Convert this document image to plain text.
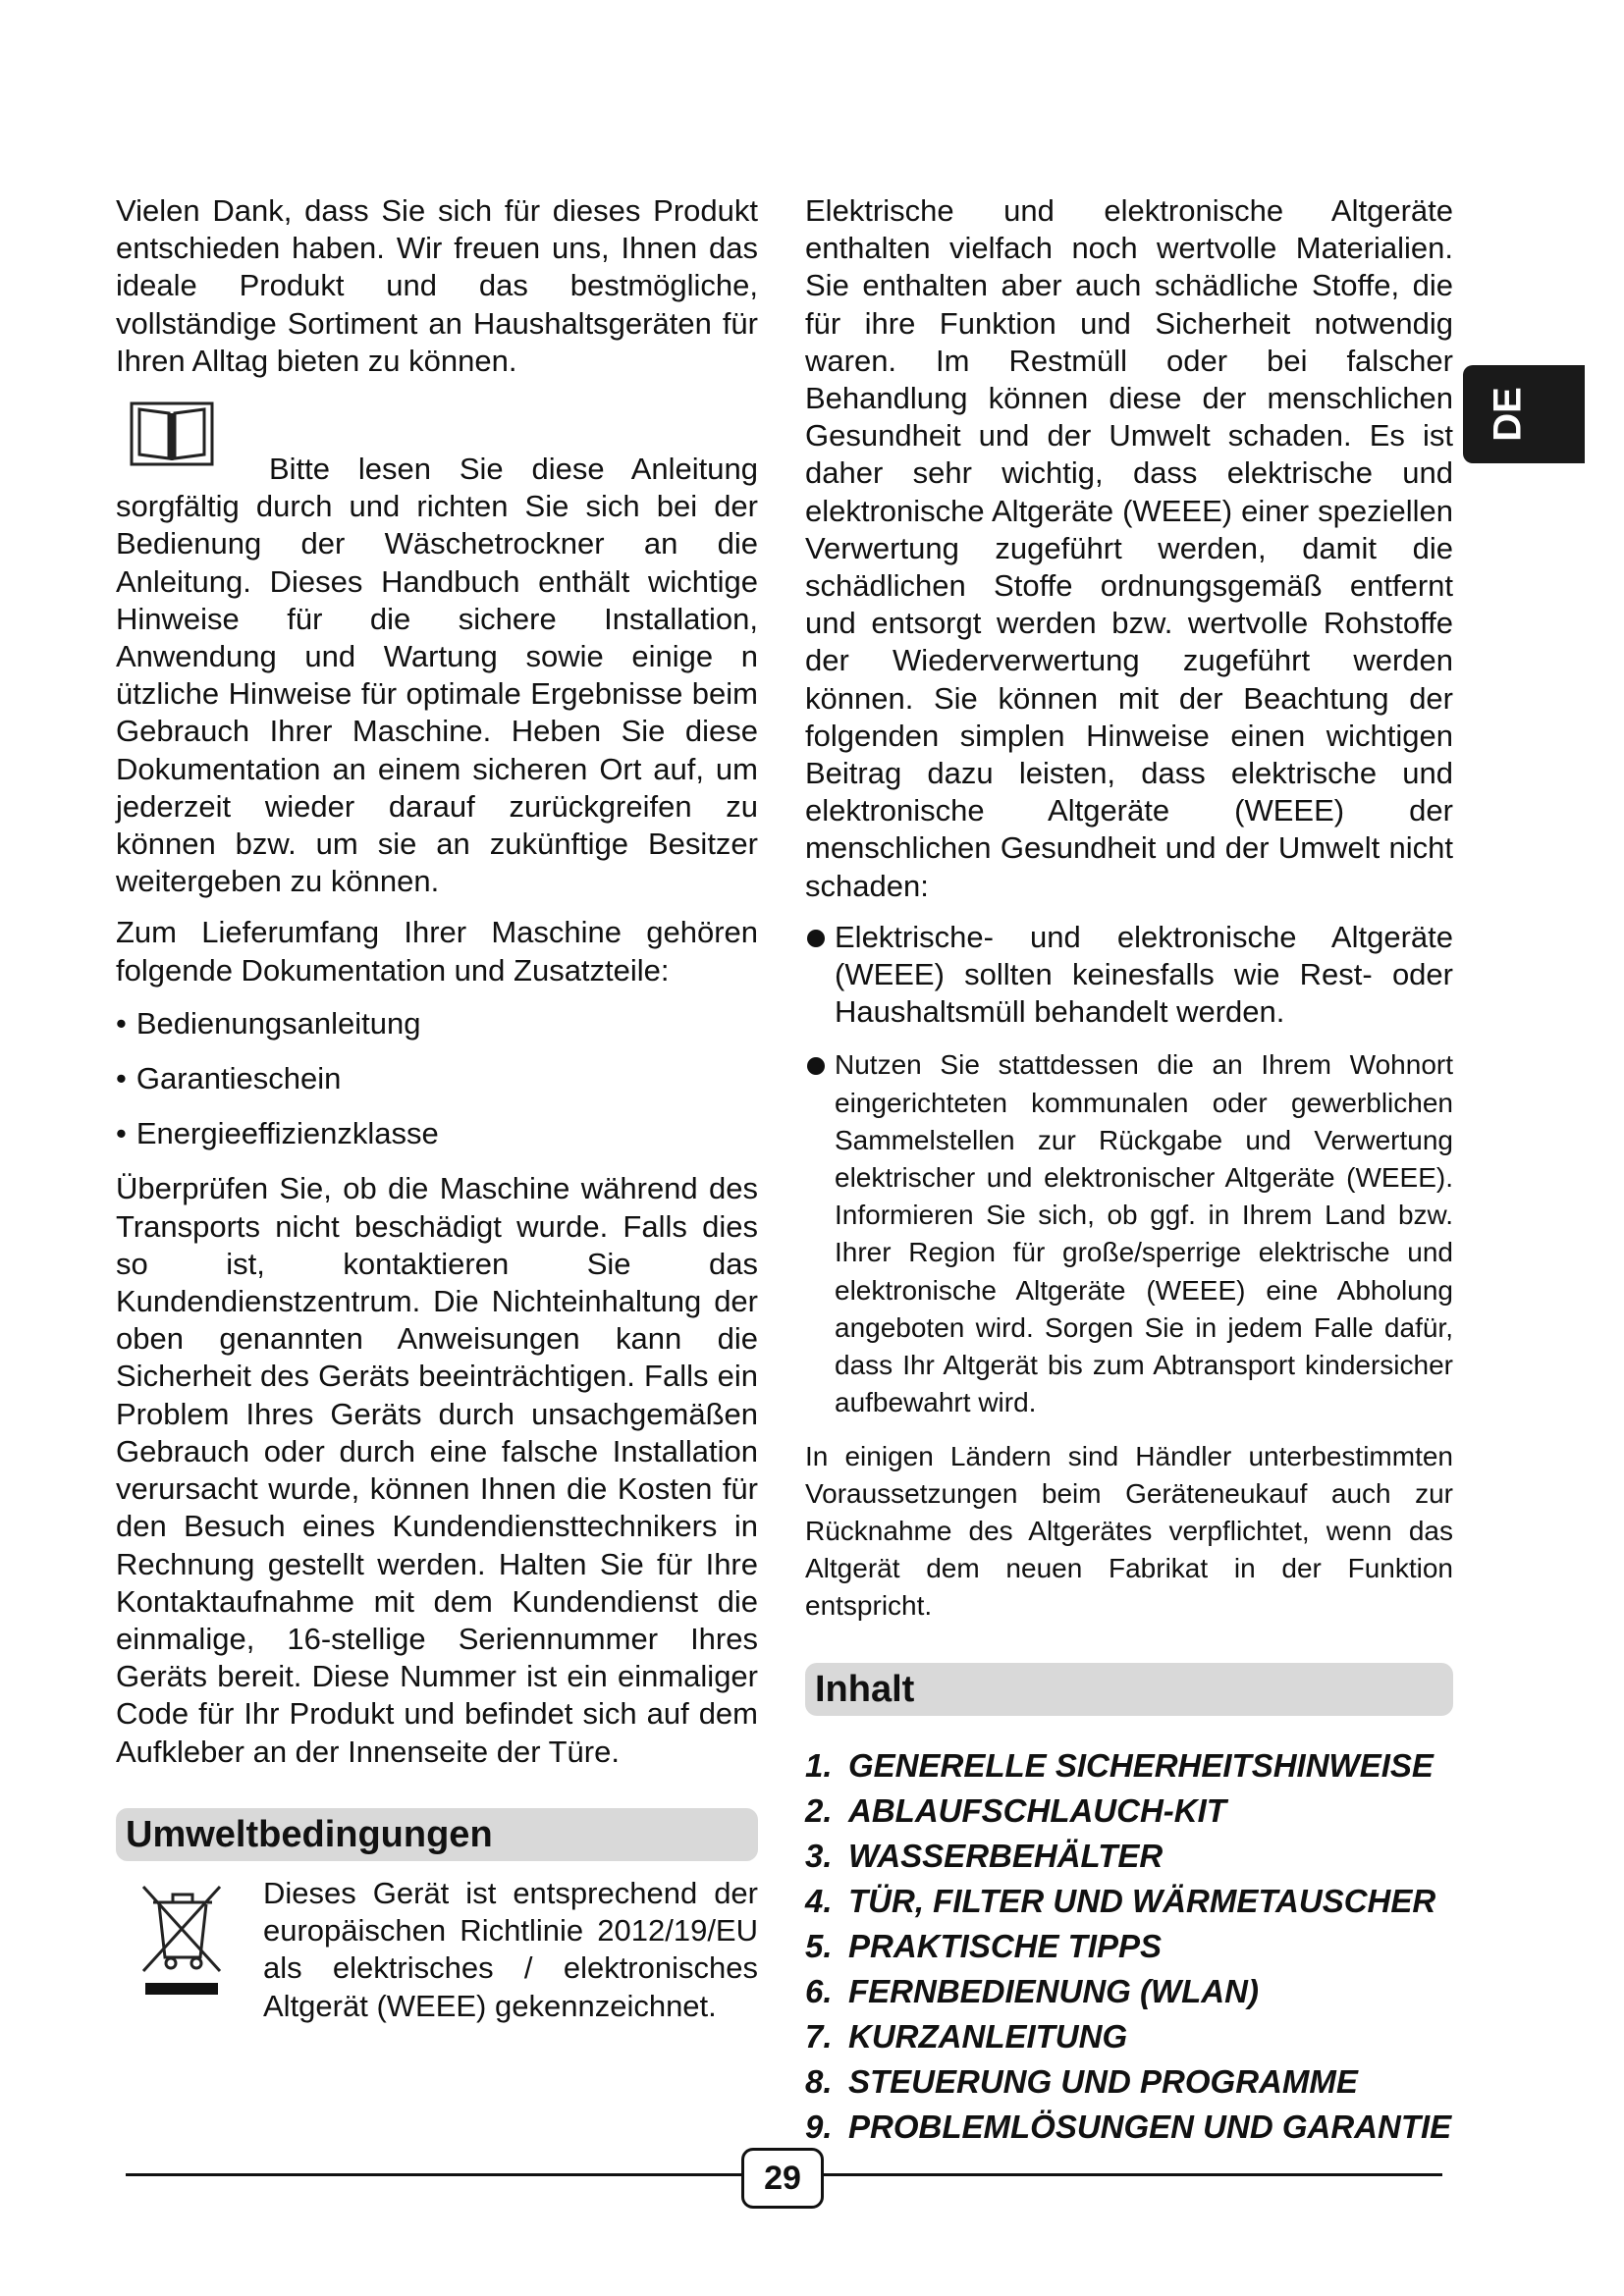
Vielen Dank, dass Sie sich für dieses Produkt entschieden haben. Wir freuen uns, Ihnen das ideale Produkt und das bestmögliche, vollständige Sortiment an Haushaltsgeräten für Ihren Alltag bieten zu können.

Bitte lesen Sie diese Anleitung sorgfältig durch und richten Sie sich bei der Bedienung der Wäschetrockner an die Anleitung. Dieses Handbuch enthält wichtige Hinweise für die sichere Installation, Anwendung und Wartung sowie einige n ützliche Hinweise für optimale Ergebnisse beim Gebrauch Ihrer Maschine. Heben Sie diese Dokumentation an einem sicheren Ort auf, um jederzeit wieder darauf zurückgreifen zu können bzw. um sie an zukünftige Besitzer weitergeben zu können.

Zum Lieferumfang Ihrer Maschine gehören folgende Dokumentation und Zusatzteile:

• Bedienungsanleitung
• Garantieschein
• Energieeffizienzklasse

Überprüfen Sie, ob die Maschine während des Transports nicht beschädigt wurde. Falls dies so ist, kontaktieren Sie das Kundendienstzentrum. Die Nichteinhaltung der oben genannten Anweisungen kann die Sicherheit des Geräts beeinträchtigen. Falls ein Problem Ihres Geräts durch unsachgemäßen Gebrauch oder durch eine falsche Installation verursacht wurde, können Ihnen die Kosten für den Besuch eines Kundendiensttechnikers in Rechnung gestellt werden. Halten Sie für Ihre Kontaktaufnahme mit dem Kundendienst die einmalige, 16-stellige Seriennummer Ihres Geräts bereit. Diese Nummer ist ein einmaliger Code für Ihr Produkt und befindet sich auf dem Aufkleber an der Innenseite der Türe.

Umweltbedingungen

Dieses Gerät ist entsprechend der europäischen Richtlinie 2012/19/EU als elektrisches / elektronisches Altgerät (WEEE) gekennzeichnet.

Elektrische und elektronische Altgeräte enthalten vielfach noch wertvolle Materialien. Sie enthalten aber auch schädliche Stoffe, die für ihre Funktion und Sicherheit notwendig waren. Im Restmüll oder bei falscher Behandlung können diese der menschlichen Gesundheit und der Umwelt schaden. Es ist daher sehr wichtig, dass elektrische und elektronische Altgeräte (WEEE) einer speziellen Verwertung zugeführt werden, damit die schädlichen Stoffe ordnungsgemäß entfernt und entsorgt werden bzw. wertvolle Rohstoffe der Wiederverwertung zugeführt werden können. Sie können mit der Beachtung der folgenden simplen Hinweise einen wichtigen Beitrag dazu leisten, dass elektrische und elektronische Altgeräte (WEEE) der menschlichen Gesundheit und der Umwelt nicht schaden:

Elektrische- und elektronische Altgeräte (WEEE) sollten keinesfalls wie Rest- oder Haushaltsmüll behandelt werden.
Nutzen Sie stattdessen die an Ihrem Wohnort eingerichteten kommunalen oder gewerblichen Sammelstellen zur Rückgabe und Verwertung elektrischer und elektronischer Altgeräte (WEEE). Informieren Sie sich, ob ggf. in Ihrem Land bzw. Ihrer Region für große/sperrige elektrische und elektronische Altgeräte (WEEE) eine Abholung angeboten wird. Sorgen Sie in jedem Falle dafür, dass Ihr Altgerät bis zum Abtransport kindersicher aufbewahrt wird.

In einigen Ländern sind Händler unterbestimmten Voraussetzungen beim Geräteneukauf auch zur Rücknahme des Altgerätes verpflichtet, wenn das Altgerät dem neuen Fabrikat in der Funktion entspricht.

Inhalt
1. GENERELLE SICHERHEITSHINWEISE
2. ABLAUFSCHLAUCH-KIT
3. WASSERBEHÄLTER
4. TÜR, FILTER UND WÄRMETAUSCHER
5. PRAKTISCHE TIPPS
6. FERNBEDIENUNG (WLAN)
7. KURZANLEITUNG
8. STEUERUNG UND PROGRAMME
9. PROBLEMLÖSUNGEN UND GARANTIE
DE
29
